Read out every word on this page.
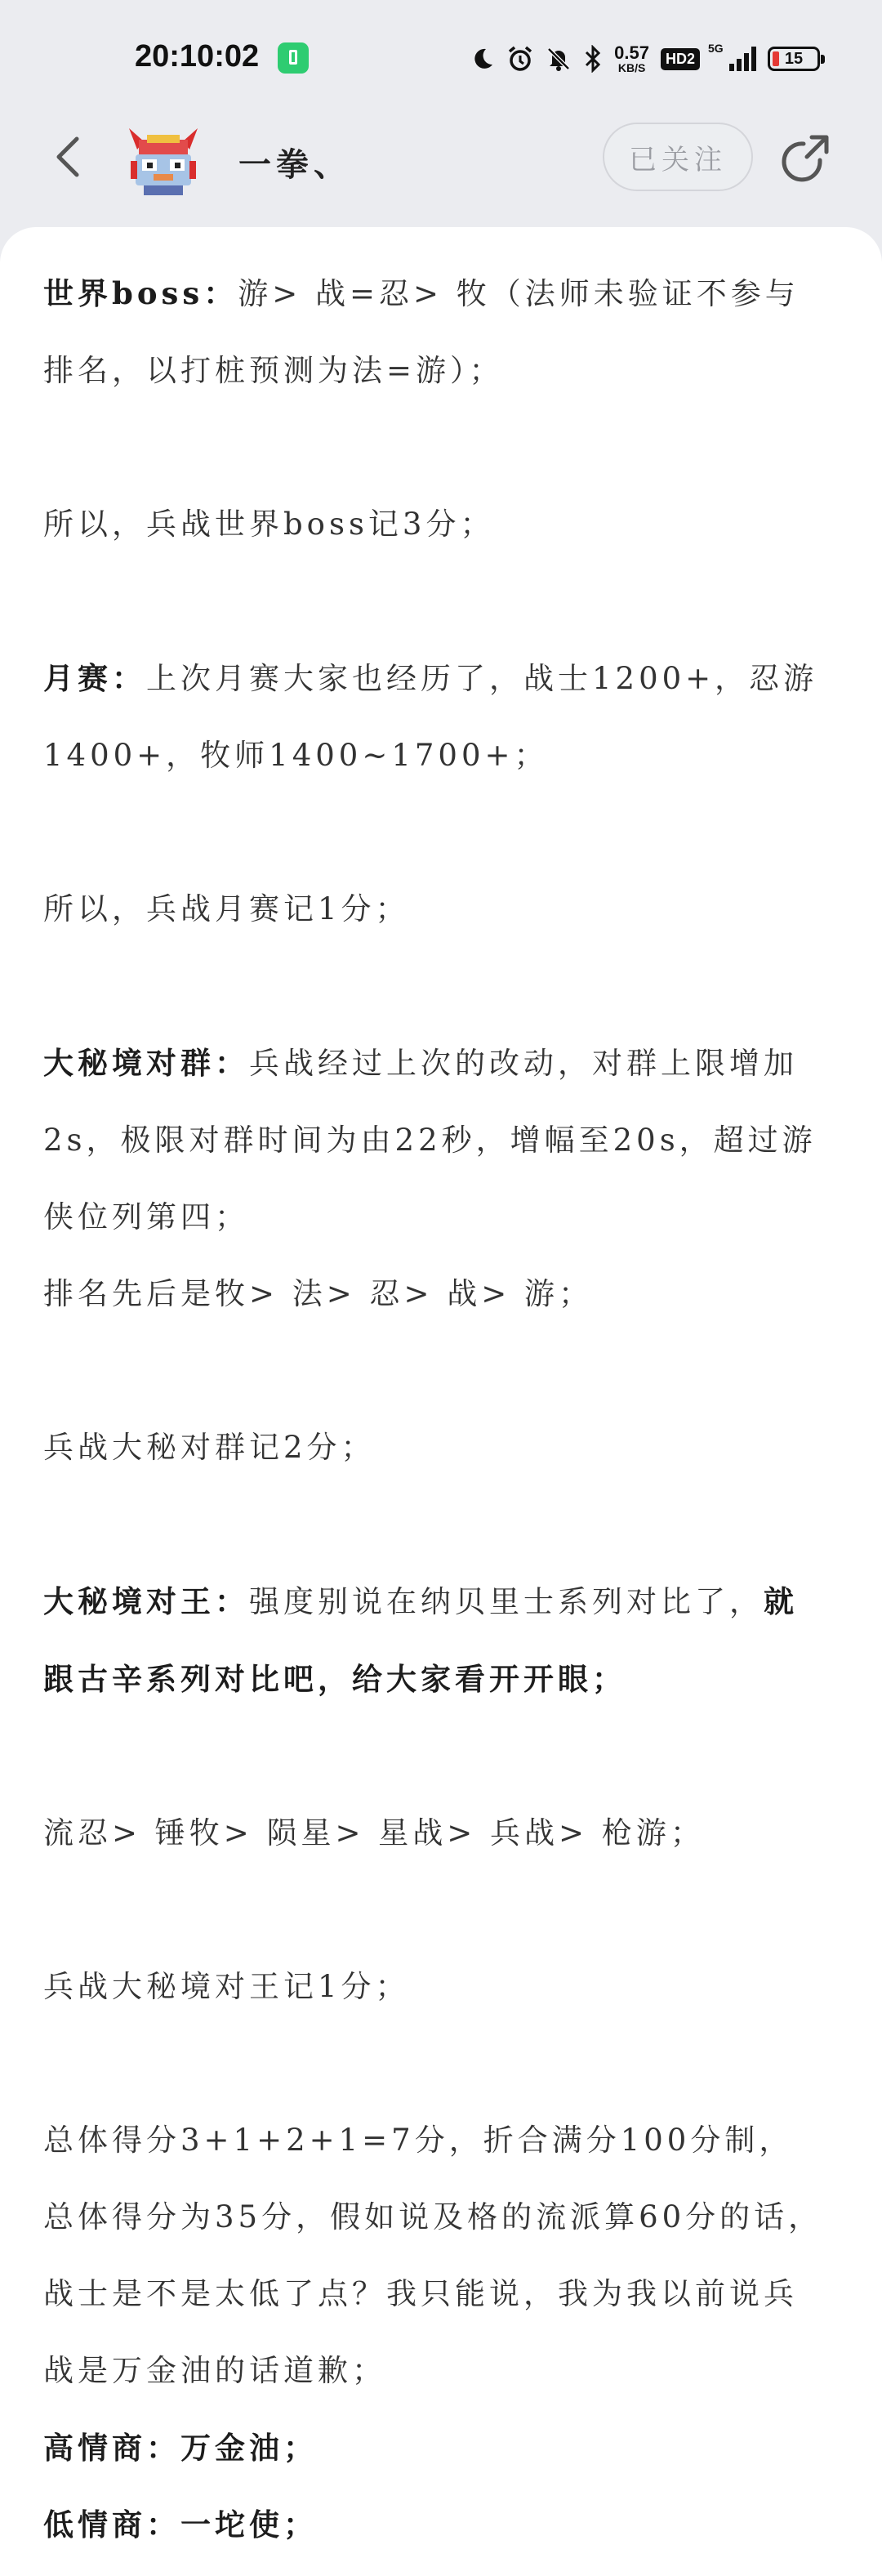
20:10:02	0.57
KB/S
HD2
5G
15
一拳、	已关注

世界boss：游> 战=忍> 牧（法师未验证不参与排名，以打桩预测为法=游）；

所以，兵战世界boss记3分；

月赛：上次月赛大家也经历了，战士1200+，忍游1400+，牧师1400~1700+；

所以，兵战月赛记1分；

大秘境对群：兵战经过上次的改动，对群上限增加2s，极限对群时间为由22秒，增幅至20s，超过游侠位列第四；

排名先后是牧> 法> 忍> 战> 游；

兵战大秘对群记2分；

大秘境对王：强度别说在纳贝里士系列对比了，就跟古辛系列对比吧，给大家看开开眼；

流忍> 锤牧> 陨星> 星战> 兵战> 枪游；

兵战大秘境对王记1分；

总体得分3+1+2+1=7分，折合满分100分制，总体得分为35分，假如说及格的流派算60分的话，战士是不是太低了点？我只能说，我为我以前说兵战是万金油的话道歉；

高情商：万金油；

低情商：一坨使；
